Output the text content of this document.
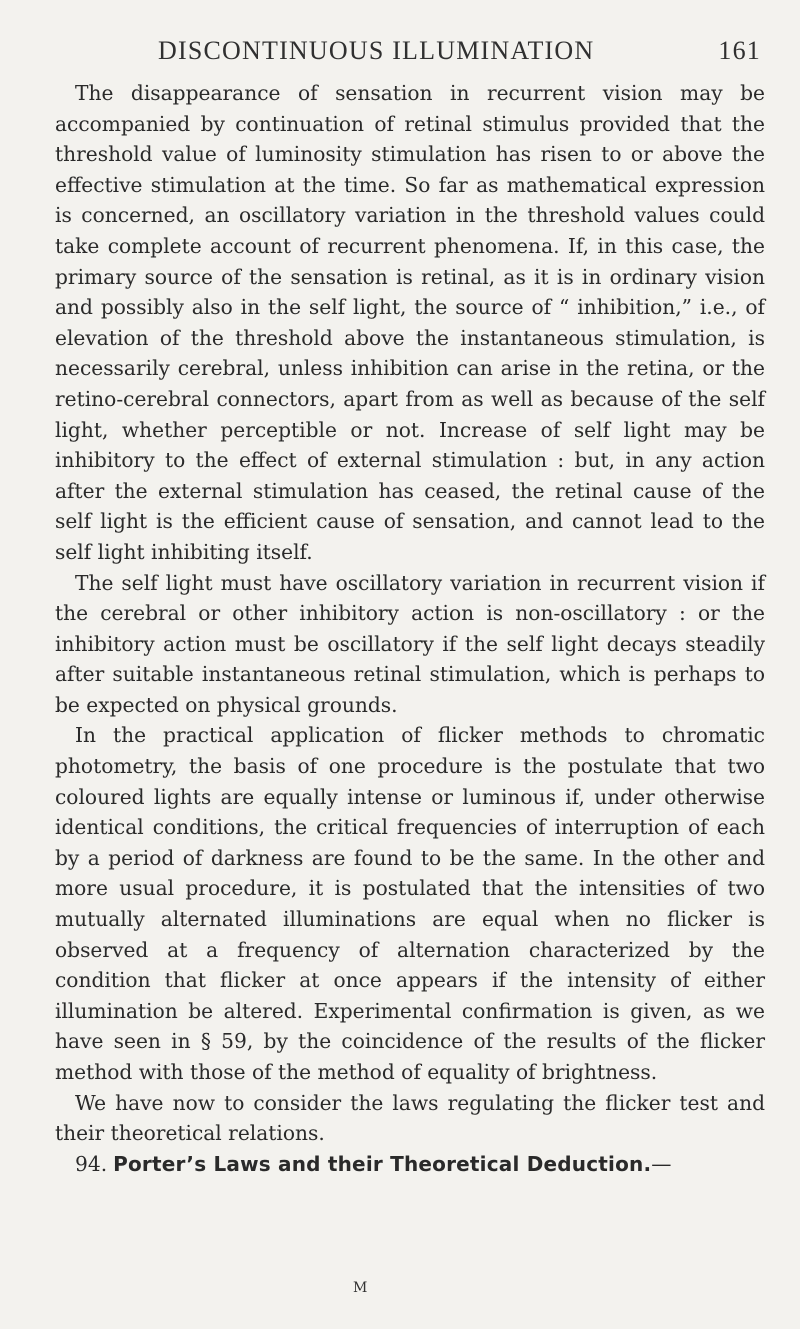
DISCONTINUOUS ILLUMINATION	161

The disappearance of sensation in recurrent vision may be accompanied by continuation of retinal stimulus provided that the threshold value of luminosity stimulation has risen to or above the effective stimulation at the time. So far as mathematical expression is concerned, an oscillatory variation in the threshold values could take complete account of recurrent phenomena. If, in this case, the primary source of the sensation is retinal, as it is in ordinary vision and possibly also in the self light, the source of “ inhibition,” i.e., of elevation of the threshold above the instantaneous stimulation, is necessarily cerebral, unless inhibition can arise in the retina, or the retino-cerebral connectors, apart from as well as because of the self light, whether perceptible or not. Increase of self light may be inhibitory to the effect of external stimulation : but, in any action after the external stimulation has ceased, the retinal cause of the self light is the efficient cause of sensation, and cannot lead to the self light inhibiting itself.

The self light must have oscillatory variation in recurrent vision if the cerebral or other inhibitory action is non-oscillatory : or the inhibitory action must be oscillatory if the self light decays steadily after suitable instantaneous retinal stimulation, which is perhaps to be expected on physical grounds.

In the practical application of flicker methods to chromatic photometry, the basis of one procedure is the postulate that two coloured lights are equally intense or luminous if, under otherwise identical conditions, the critical frequencies of interruption of each by a period of darkness are found to be the same. In the other and more usual procedure, it is postulated that the intensities of two mutually alternated illuminations are equal when no flicker is observed at a frequency of alternation characterized by the condition that flicker at once appears if the intensity of either illumination be altered. Experimental confirmation is given, as we have seen in § 59, by the coincidence of the results of the flicker method with those of the method of equality of brightness.

We have now to consider the laws regulating the flicker test and their theoretical relations.

94. Porter’s Laws and their Theoretical Deduction.—

M
